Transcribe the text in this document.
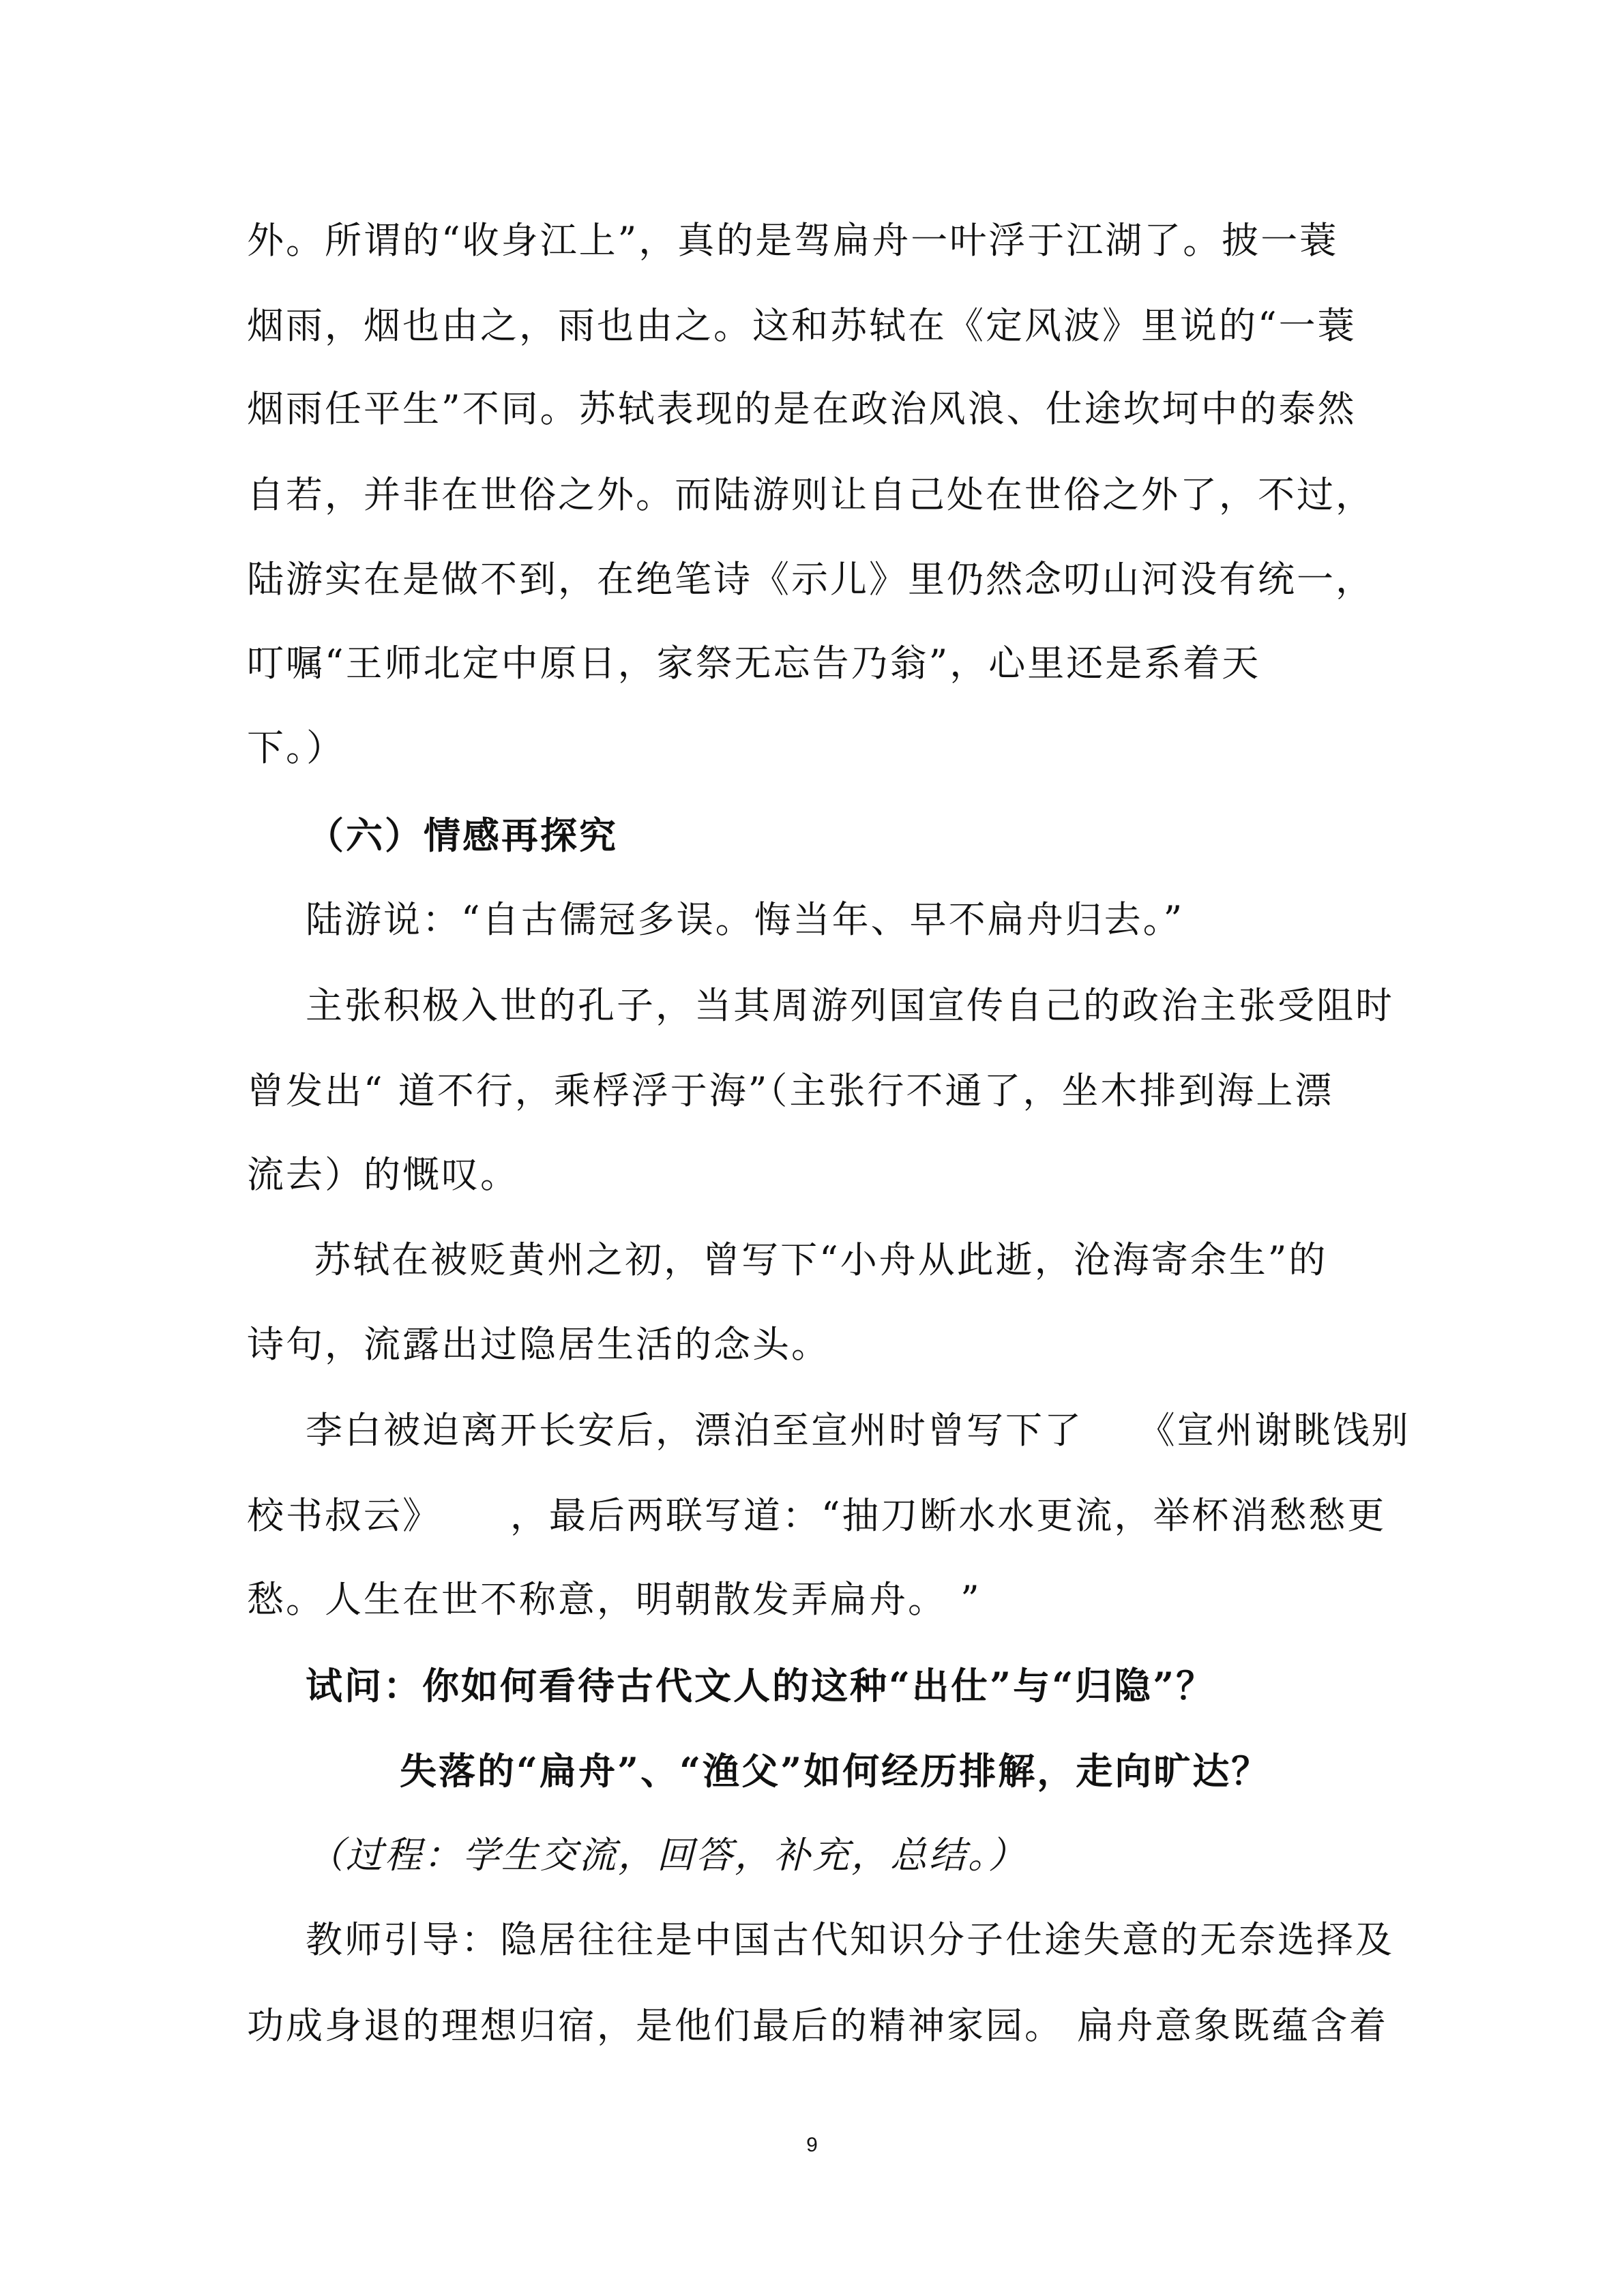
外。所谓的“收身江上”，真的是驾扁舟一叶浮于江湖了。披一蓑
烟雨，烟也由之，雨也由之。这和苏轼在《定风波》里说的“一蓑
烟雨任平生”不同。苏轼表现的是在政治风浪、仕途坎坷中的泰然
自若，并非在世俗之外。而陆游则让自己处在世俗之外了，不过，
陆游实在是做不到，在绝笔诗《示儿》里仍然念叨山河没有统一，
叮嘱“王师北定中原日，家祭无忘告乃翁”，心里还是系着天
下。）
（六）情感再探究
陆游说：“自古儒冠多误。悔当年、早不扁舟归去。”
主张积极入世的孔子，当其周游列国宣传自己的政治主张受阻时
曾发出“ 道不行，乘桴浮于海”（主张行不通了，坐木排到海上漂
流去）的慨叹。
苏轼在被贬黄州之初，曾写下“小舟从此逝，沧海寄余生”的
诗句，流露出过隐居生活的念头。
李白被迫离开长安后，漂泊至宣州时曾写下了    《宣州谢眺饯别
校书叔云》     ，最后两联写道：“抽刀断水水更流，举杯消愁愁更
愁。人生在世不称意，明朝散发弄扁舟。 ”
试问：你如何看待古代文人的这种“出仕”与“归隐”？
失落的“扁舟”、“渔父”如何经历排解，走向旷达？
（过程：学生交流，回答，补充，总结。）
教师引导：隐居往往是中国古代知识分子仕途失意的无奈选择及
功成身退的理想归宿，是他们最后的精神家园。 扁舟意象既蕴含着
9
